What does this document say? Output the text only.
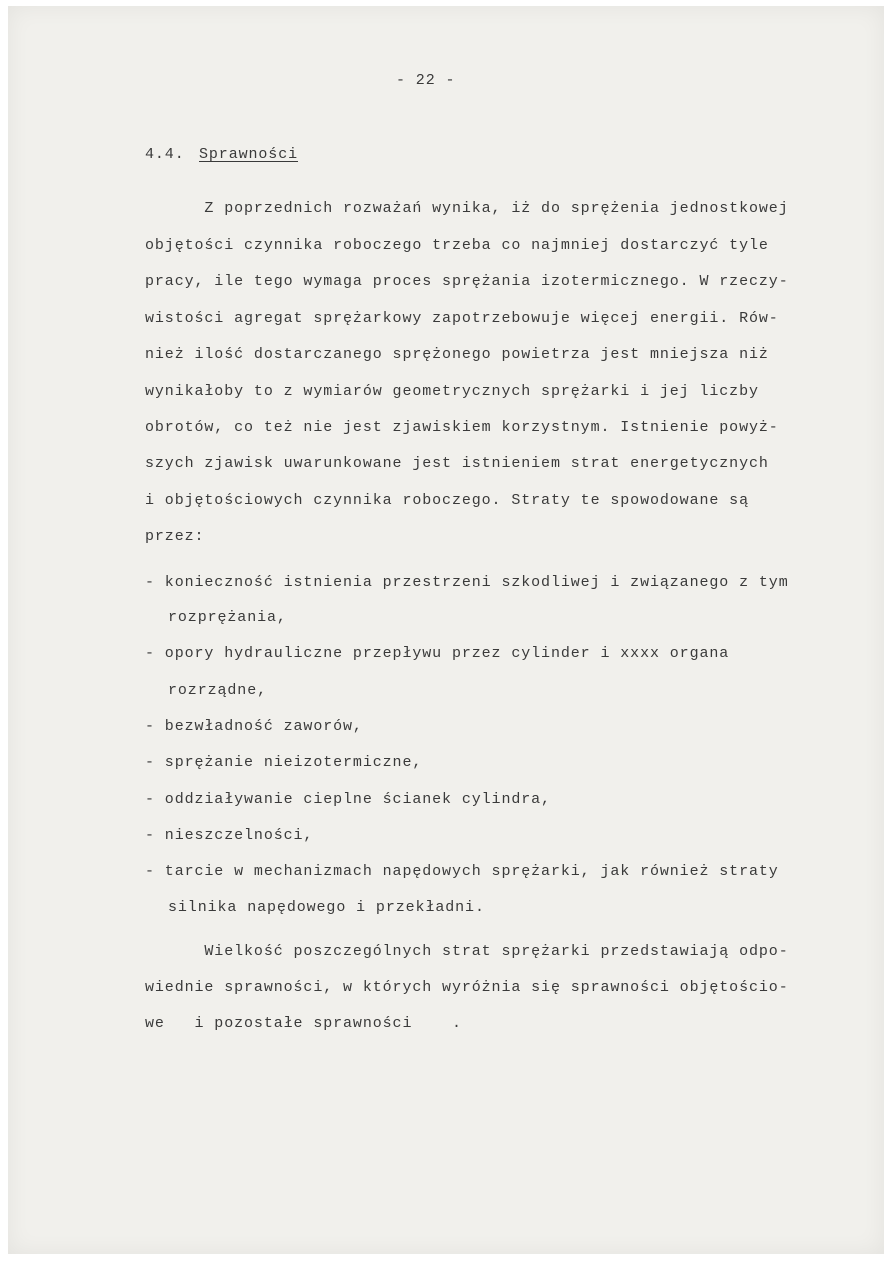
- 22 -
4.4. Sprawności
Z poprzednich rozważań wynika, iż do sprężenia jednostkowej
objętości czynnika roboczego trzeba co najmniej dostarczyć tyle
pracy, ile tego wymaga proces sprężania izotermicznego. W rzeczy-
wistości agregat sprężarkowy zapotrzebowuje więcej energii. Rów-
nież ilość dostarczanego sprężonego powietrza jest mniejsza niż
wynikałoby to z wymiarów geometrycznych sprężarki i jej liczby
obrotów, co też nie jest zjawiskiem korzystnym. Istnienie powyż-
szych zjawisk uwarunkowane jest istnieniem strat energetycznych
i objętościowych czynnika roboczego. Straty te spowodowane są
przez:
- konieczność istnienia przestrzeni szkodliwej i związanego z tym
rozprężania,
- opory hydrauliczne przepływu przez cylinder i xxxx organa
rozrządne,
- bezwładność zaworów,
- sprężanie nieizotermiczne,
- oddziaływanie cieplne ścianek cylindra,
- nieszczelności,
- tarcie w mechanizmach napędowych sprężarki, jak również straty
silnika napędowego i przekładni.
Wielkość poszczególnych strat sprężarki przedstawiają odpo-
wiednie sprawności, w których wyróżnia się sprawności objętościo-
we   i pozostałe sprawności    .
